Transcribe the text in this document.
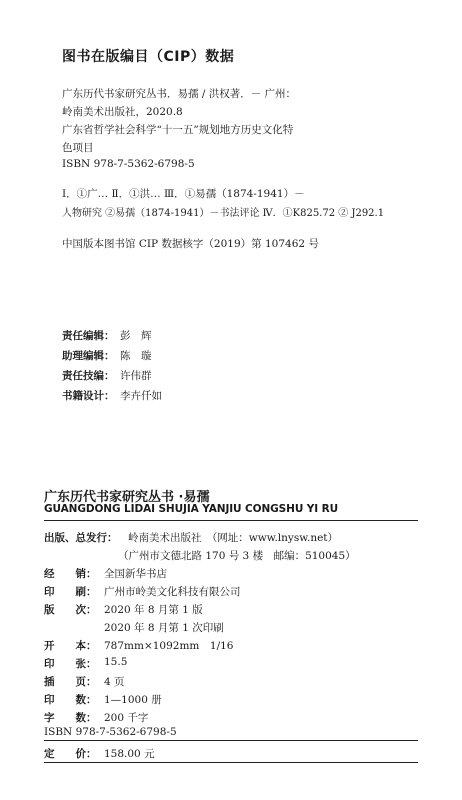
图书在版编目（CIP）数据
广东历代书家研究丛书．易孺 / 洪权著．－ 广州：
岭南美术出版社，2020.8
广东省哲学社会科学“十一五”规划地方历史文化特
色项目
ISBN 978-7-5362-6798-5
Ⅰ．①广… Ⅱ．①洪… Ⅲ．①易孺（1874-1941）－
人物研究 ②易孺（1874-1941）－书法评论 Ⅳ．①K825.72 ② J292.1
中国版本图书馆 CIP 数据核字（2019）第 107462 号
责任编辑： 彭　辉
助理编辑： 陈　璇
责任技编： 许伟群
书籍设计： 李卉仟如
广东历代书家研究丛书 ·易孺
GUANGDONG LIDAI SHUJIA YANJIU CONGSHU YI RU
出版、总发行： 岭南美术出版社　（网址：www.lnysw.net）
（广州市文德北路 170 号 3 楼　邮编：510045）
经　　销： 全国新华书店
印　　刷： 广州市岭美文化科技有限公司
版　　次： 2020 年 8 月第 1 版
2020 年 8 月第 1 次印刷
开　　本： 787mm×1092mm　1/16
印　　张： 15.5
插　　页： 4 页
印　　数： 1—1000 册
字　　数： 200 千字
ISBN 978-7-5362-6798-5
定　　价： 158.00 元
